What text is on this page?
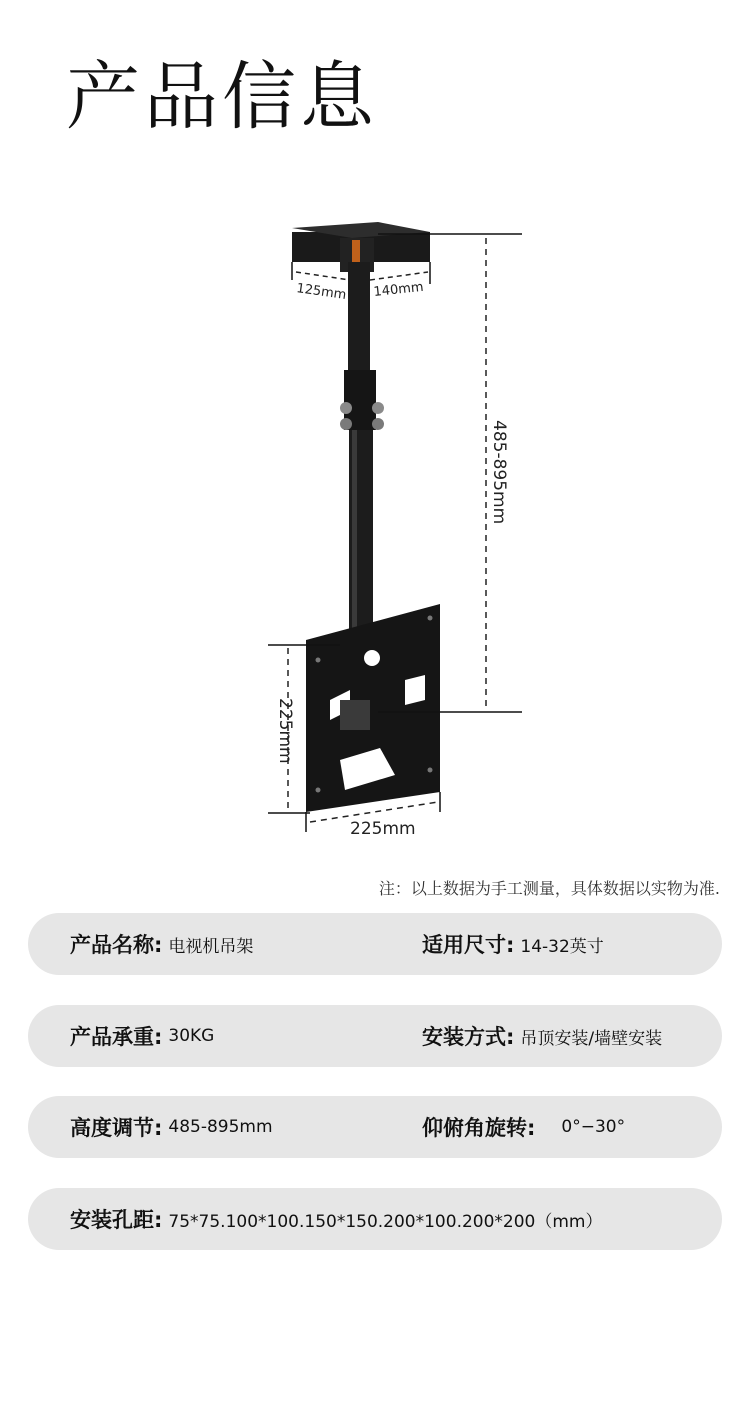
产品信息
485-895mm
125mm 140mm
225mm
225mm
注：以上数据为手工测量，具体数据以实物为准.
产品名称: 电视机吊架	适用尺寸: 14-32英寸
产品承重: 30KG	安装方式: 吊顶安装/墙壁安装
高度调节: 485-895mm	仰俯角旋转: 0°−30°
安装孔距: 75*75.100*100.150*150.200*100.200*200（mm）
